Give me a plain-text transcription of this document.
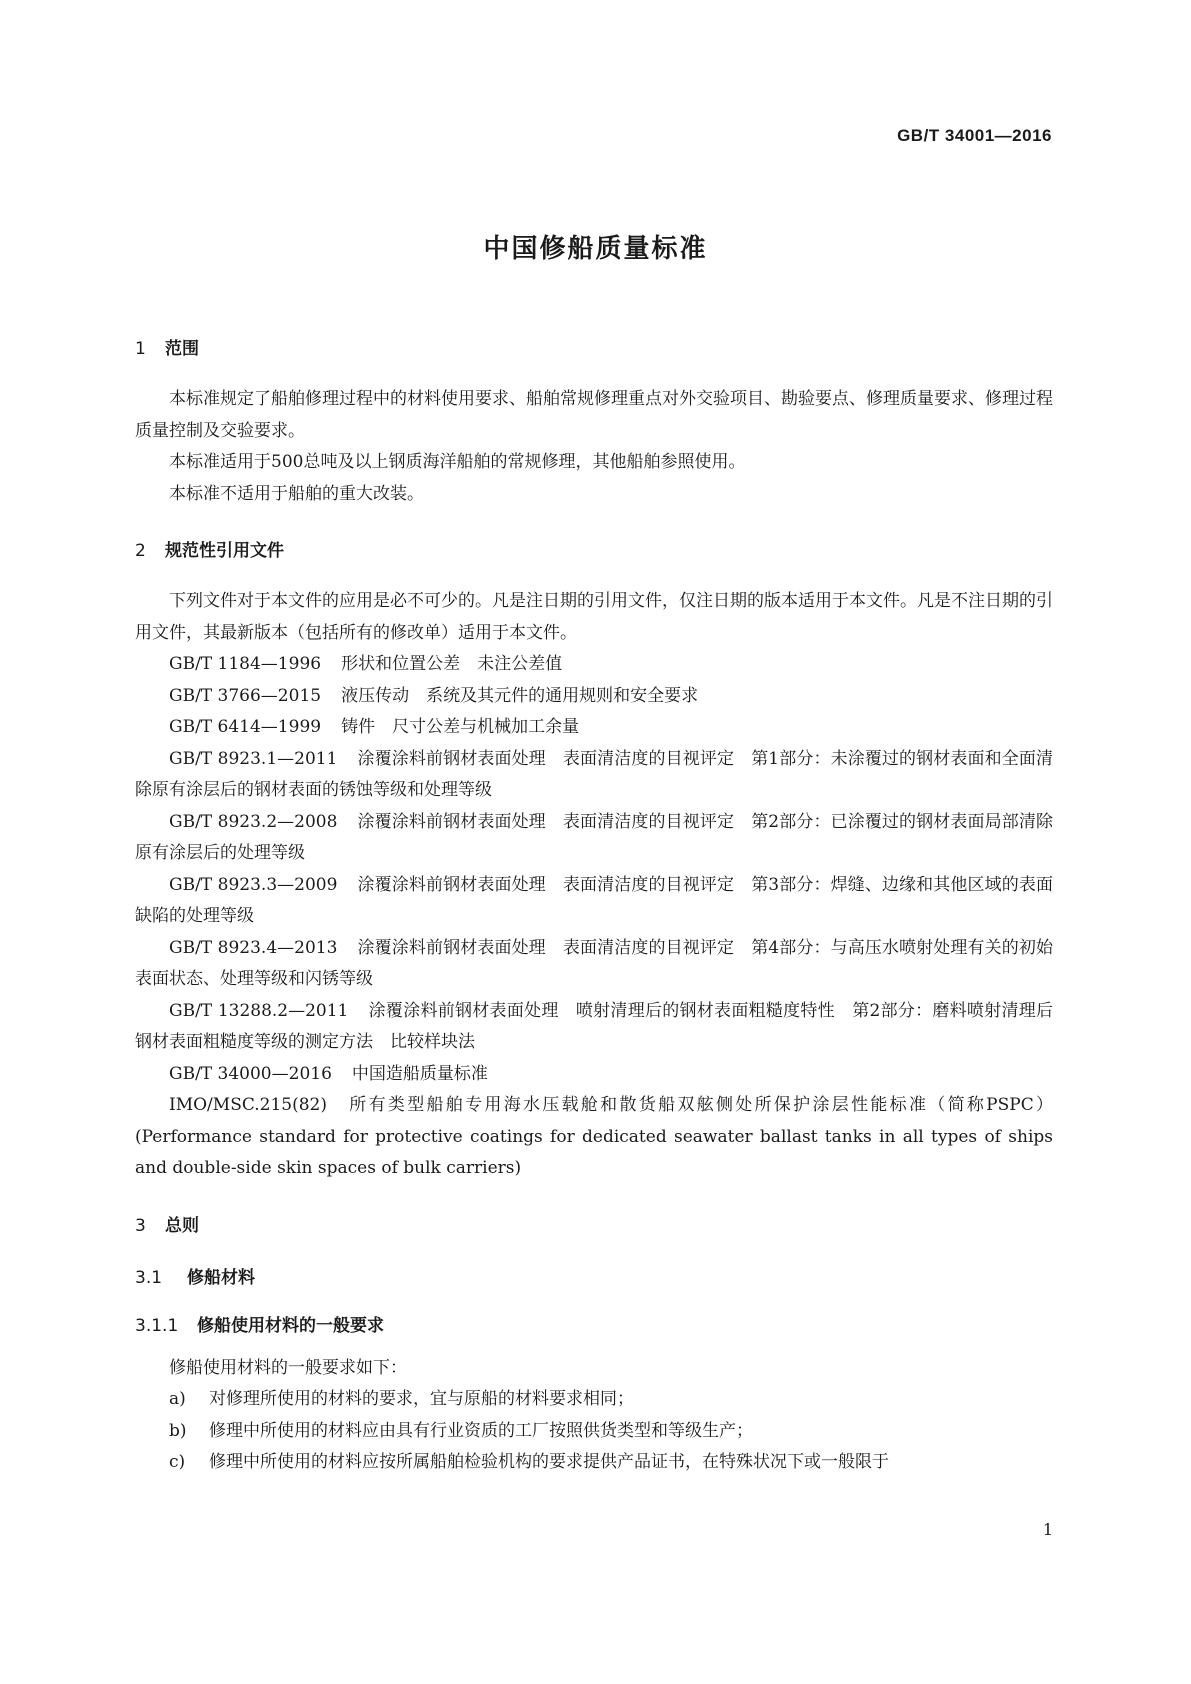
GB/T 34001—2016
中国修船质量标准
1 范围
本标准规定了船舶修理过程中的材料使用要求、船舶常规修理重点对外交验项目、勘验要点、修理质量要求、修理过程质量控制及交验要求。
本标准适用于500总吨及以上钢质海洋船舶的常规修理，其他船舶参照使用。
本标准不适用于船舶的重大改装。
2 规范性引用文件
下列文件对于本文件的应用是必不可少的。凡是注日期的引用文件，仅注日期的版本适用于本文件。凡是不注日期的引用文件，其最新版本（包括所有的修改单）适用于本文件。
GB/T 1184—1996 形状和位置公差　未注公差值
GB/T 3766—2015 液压传动　系统及其元件的通用规则和安全要求
GB/T 6414—1999 铸件　尺寸公差与机械加工余量
GB/T 8923.1—2011 涂覆涂料前钢材表面处理　表面清洁度的目视评定　第1部分：未涂覆过的钢材表面和全面清除原有涂层后的钢材表面的锈蚀等级和处理等级
GB/T 8923.2—2008 涂覆涂料前钢材表面处理　表面清洁度的目视评定　第2部分：已涂覆过的钢材表面局部清除原有涂层后的处理等级
GB/T 8923.3—2009 涂覆涂料前钢材表面处理　表面清洁度的目视评定　第3部分：焊缝、边缘和其他区域的表面缺陷的处理等级
GB/T 8923.4—2013 涂覆涂料前钢材表面处理　表面清洁度的目视评定　第4部分：与高压水喷射处理有关的初始表面状态、处理等级和闪锈等级
GB/T 13288.2—2011 涂覆涂料前钢材表面处理　喷射清理后的钢材表面粗糙度特性　第2部分：磨料喷射清理后钢材表面粗糙度等级的测定方法　比较样块法
GB/T 34000—2016 中国造船质量标准
IMO/MSC.215(82) 所有类型船舶专用海水压载舱和散货船双舷侧处所保护涂层性能标准（简称PSPC）(Performance standard for protective coatings for dedicated seawater ballast tanks in all types of ships and double-side skin spaces of bulk carriers)
3 总则
3.1 修船材料
3.1.1 修船使用材料的一般要求
修船使用材料的一般要求如下：
a) 对修理所使用的材料的要求，宜与原船的材料要求相同；
b) 修理中所使用的材料应由具有行业资质的工厂按照供货类型和等级生产；
c) 修理中所使用的材料应按所属船舶检验机构的要求提供产品证书，在特殊状况下或一般限于
1
